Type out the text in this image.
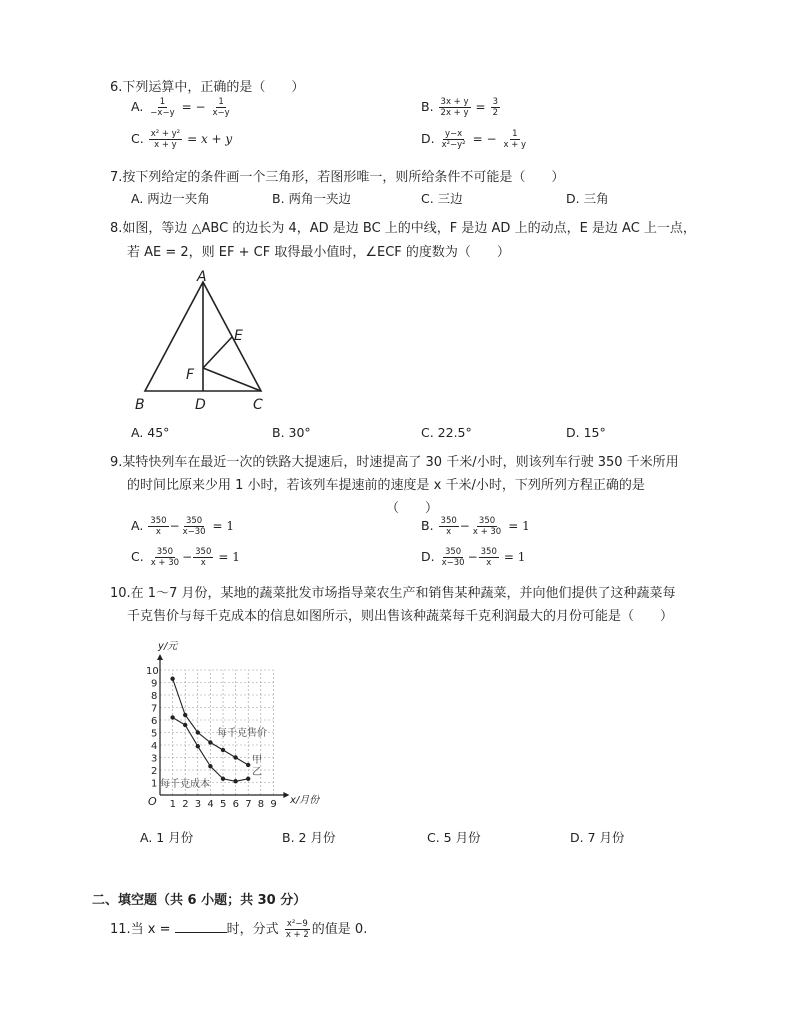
6.下列运算中，正确的是（　　）
A. $\frac{1}{-x-y}$ = − $\frac{1}{x-y}$	B. $\frac{3x + y}{2x + y} = \frac{3}{2}$
C. $\frac{\text{x² + y²}}{x + y} = x + y$	D. $\frac{y-x}{\text{x²−y²}}$ = − $\frac{1}{x + y}$
7.按下列给定的条件画一个三角形，若图形唯一，则所给条件不可能是（　　）
A. 两边一夹角	B. 两角一夹边	C. 三边	D. 三角
8.如图，等边 △ABC 的边长为 4，AD 是边 BC 上的中线，F 是边 AD 上的动点，E 是边 AC 上一点，
若 AE = 2，则 EF + CF 取得最小值时，∠ECF 的度数为（　　）
A
B	C
D
E
F
A. 45°	B. 30°	C. 22.5°	D. 15°
9.某特快列车在最近一次的铁路大提速后，时速提高了 30 千米/小时，则该列车行驶 350 千米所用
的时间比原来少用 1 小时，若该列车提速前的速度是 x 千米/小时，下列所列方程正确的是
（　　）
A. $\frac{350}{x} - \frac{350}{x-30} = 1$	B. $\frac{350}{x} - \frac{350}{x + 30} = 1$
C. $\frac{350}{x + 30} - \frac{350}{x} = 1$	D. $\frac{350}{x-30} - \frac{350}{x} = 1$
10.在 1～7 月份，某地的蔬菜批发市场指导菜农生产和销售某种蔬菜，并向他们提供了这种蔬菜每
千克售价与每千克成本的信息如图所示，则出售该种蔬菜每千克利润最大的月份可能是（　　）
1 2 3 4 5 6 7 8 9
1
2
3
4
5
6
7
8
9
10
y/元
x/月份
O
每千克售价
每千克成本
甲
乙
A. 1 月份	B. 2 月份	C. 5 月份	D. 7 月份
二、填空题（共 6 小题；共 30 分）
11.当 x =	时，分式 $\frac{\text{x²−9}}{x + 2}$ 的值是 0.
